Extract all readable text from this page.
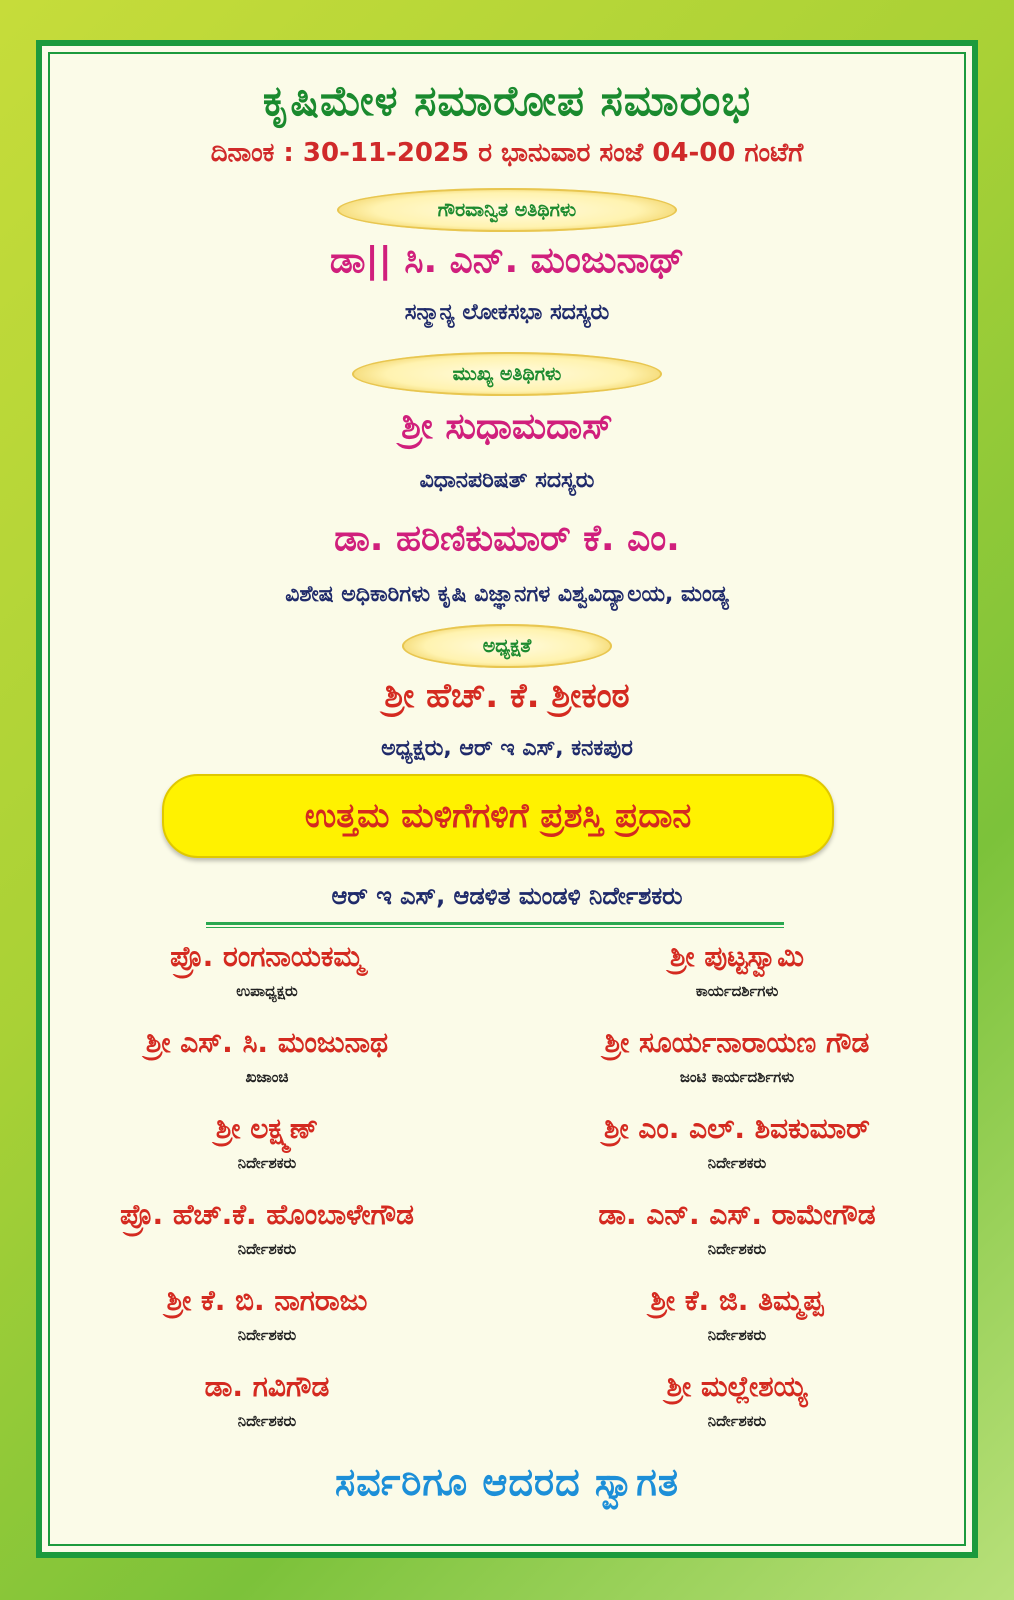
ಕೃಷಿಮೇಳ ಸಮಾರೋಪ ಸಮಾರಂಭ
ದಿನಾಂಕ : 30-11-2025 ರ ಭಾನುವಾರ ಸಂಜೆ 04-00 ಗಂಟೆಗೆ
ಗೌರವಾನ್ವಿತ ಅತಿಥಿಗಳು
ಡಾ|| ಸಿ. ಎನ್. ಮಂಜುನಾಥ್
ಸನ್ಮಾನ್ಯ ಲೋಕಸಭಾ ಸದಸ್ಯರು
ಮುಖ್ಯ ಅತಿಥಿಗಳು
ಶ್ರೀ ಸುಧಾಮದಾಸ್
ವಿಧಾನಪರಿಷತ್ ಸದಸ್ಯರು
ಡಾ. ಹರಿಣಿಕುಮಾರ್ ಕೆ. ಎಂ.
ವಿಶೇಷ ಅಧಿಕಾರಿಗಳು ಕೃಷಿ ವಿಜ್ಞಾನಗಳ ವಿಶ್ವವಿದ್ಯಾಲಯ, ಮಂಡ್ಯ
ಅಧ್ಯಕ್ಷತೆ
ಶ್ರೀ ಹೆಚ್. ಕೆ. ಶ್ರೀಕಂಠ
ಅಧ್ಯಕ್ಷರು, ಆರ್ ಇ ಎಸ್, ಕನಕಪುರ
ಉತ್ತಮ ಮಳಿಗೆಗಳಿಗೆ ಪ್ರಶಸ್ತಿ ಪ್ರದಾನ
ಆರ್ ಇ ಎಸ್, ಆಡಳಿತ ಮಂಡಳಿ ನಿರ್ದೇಶಕರು
ಪ್ರೊ. ರಂಗನಾಯಕಮ್ಮ
ಉಪಾಧ್ಯಕ್ಷರು
ಶ್ರೀ ಪುಟ್ಟಸ್ವಾಮಿ
ಕಾರ್ಯದರ್ಶಿಗಳು
ಶ್ರೀ ಎಸ್. ಸಿ. ಮಂಜುನಾಥ
ಖಜಾಂಚಿ
ಶ್ರೀ ಸೂರ್ಯನಾರಾಯಣ ಗೌಡ
ಜಂಟಿ ಕಾರ್ಯದರ್ಶಿಗಳು
ಶ್ರೀ ಲಕ್ಷ್ಮಣ್
ನಿರ್ದೇಶಕರು
ಶ್ರೀ ಎಂ. ಎಲ್. ಶಿವಕುಮಾರ್
ನಿರ್ದೇಶಕರು
ಪ್ರೊ. ಹೆಚ್.ಕೆ. ಹೊಂಬಾಳೇಗೌಡ
ನಿರ್ದೇಶಕರು
ಡಾ. ಎನ್. ಎಸ್. ರಾಮೇಗೌಡ
ನಿರ್ದೇಶಕರು
ಶ್ರೀ ಕೆ. ಬಿ. ನಾಗರಾಜು
ನಿರ್ದೇಶಕರು
ಶ್ರೀ ಕೆ. ಜಿ. ತಿಮ್ಮಪ್ಪ
ನಿರ್ದೇಶಕರು
ಡಾ. ಗವಿಗೌಡ
ನಿರ್ದೇಶಕರು
ಶ್ರೀ ಮಲ್ಲೇಶಯ್ಯ
ನಿರ್ದೇಶಕರು
ಸರ್ವರಿಗೂ ಆದರದ ಸ್ವಾಗತ
